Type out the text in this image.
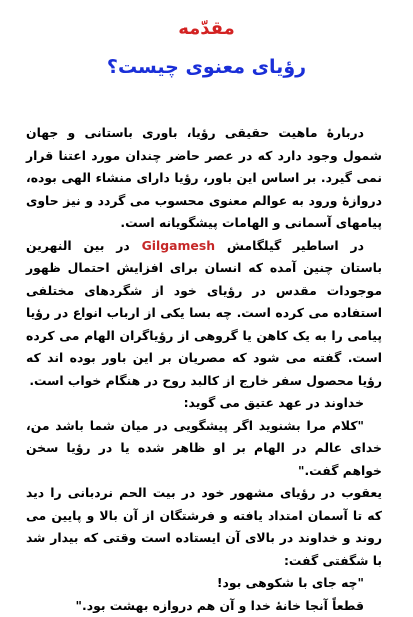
مقدّمه
رؤیای معنوی چیست؟

دربارۀ ماهیت حقیقی رؤیا، باوری باستانی و جهان شمول وجود دارد که در عصر حاضر چندان مورد اعتنا قرار نمی گیرد. بر اساس این باور، رؤیا دارای منشاء الهی بوده، دروازۀ ورود به عوالم معنوی محسوب می گردد و نیز حاوی پیامهای آسمانی و الهامات پیشگویانه است.

در اساطیر گیلگامش Gilgamesh در بین النهرین باستان چنین آمده که انسان برای افزایش احتمال ظهور موجودات مقدس در رؤیای خود از شگردهای مختلفی استفاده می کرده است. چه بسا یکی از ارباب انواع در رؤیا پیامی را به یک کاهن یا گروهی از رؤیاگران الهام می کرده است. گفته می شود که مصریان بر این باور بوده اند که رؤیا محصول سفر خارج از کالبد روح در هنگام خواب است.

خداوند در عهد عتیق می گوید:

"کلام مرا بشنوید اگر پیشگویی در میان شما باشد من، خدای عالم در الهام بر او ظاهر شده یا در رؤیا سخن خواهم گفت."

یعقوب در رؤیای مشهور خود در بیت الحم نردبانی را دید که تا آسمان امتداد یافته و فرشتگان از آن بالا و پایین می روند و خداوند در بالای آن ایستاده است وقتی که بیدار شد با شگفتی گفت:

"چه جای با شکوهی بود!

قطعاً آنجا خانۀ خدا و آن هم دروازه بهشت بود."
